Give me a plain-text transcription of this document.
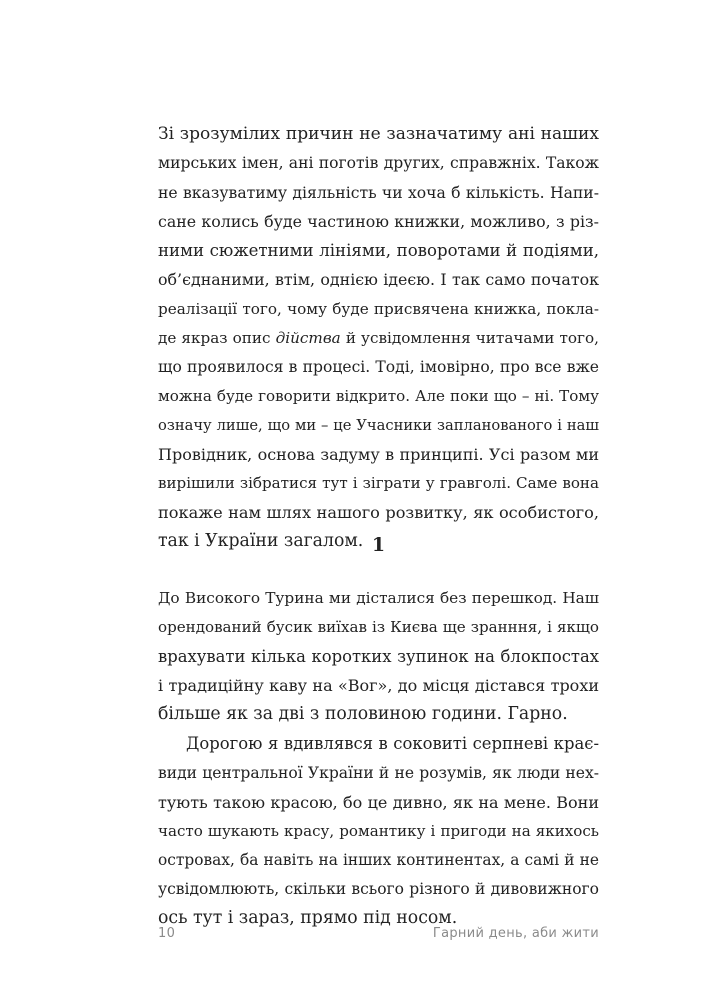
Зі зрозумілих причин не зазначатиму ані наших
мирських імен, ані поготів других, справжніх. Також
не вказуватиму діяльність чи хоча б кількість. Напи-
сане колись буде частиною книжки, можливо, з різ-
ними сюжетними лініями, поворотами й подіями,
об’єднаними, втім, однією ідеєю. І так само початок
реалізації того, чому буде присвячена книжка, покла-
де якраз опис дійства й усвідомлення читачами того,
що проявилося в процесі. Тоді, імовірно, про все вже
можна буде говорити відкрито. Але поки що – ні. Тому
означу лише, що ми – це Учасники запланованого і наш
Провідник, основа задуму в принципі. Усі разом ми
вирішили зібратися тут і зіграти у гравголі. Саме вона
покаже нам шлях нашого розвитку, як особистого,
так і України загалом. 1
До Високого Турина ми дісталися без перешкод. Наш
орендований бусик виїхав із Києва ще зранння, і якщо
врахувати кілька коротких зупинок на блокпостах
і традиційну каву на «Вог», до місця дістався трохи
більше як за дві з половиною години. Гарно.
Дорогою я вдивлявся в соковиті серпневі крає-
види центральної України й не розумів, як люди нех-
тують такою красою, бо це дивно, як на мене. Вони
часто шукають красу, романтику і пригоди на якихось
островах, ба навіть на інших континентах, а самі й не
усвідомлюють, скільки всього різного й дивовижного
ось тут і зараз, прямо під носом.
10	Гарний день, аби жити
